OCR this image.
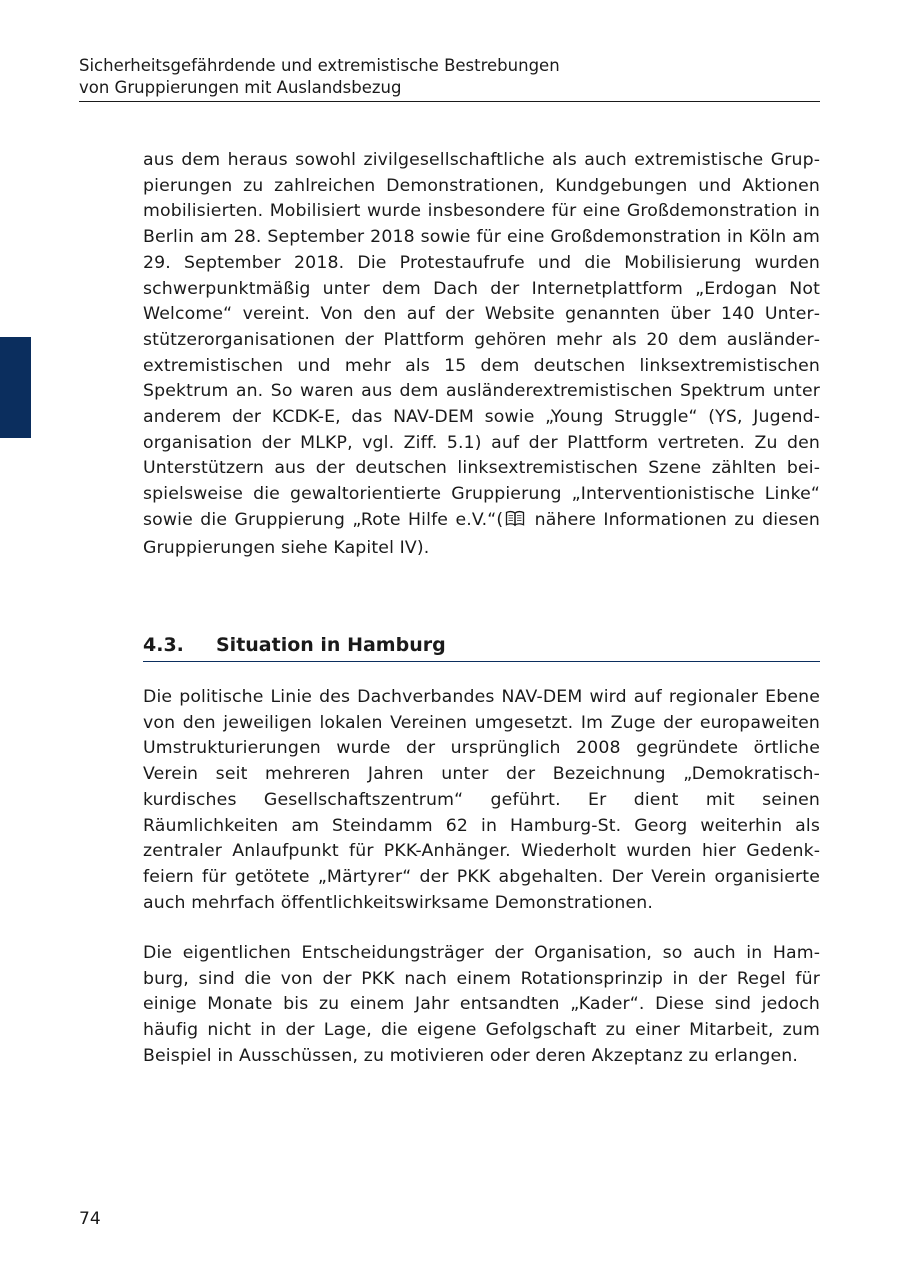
Sicherheitsgefährdende und extremistische Bestrebungen
von Gruppierungen mit Auslandsbezug
aus dem heraus sowohl zivilgesellschaftliche als auch extremistische Gruppierungen zu zahlreichen Demonstrationen, Kundgebungen und Aktionen mobilisierten. Mobilisiert wurde insbesondere für eine Großdemonstration in Berlin am 28. September 2018 sowie für eine Großdemonstration in Köln am 29. September 2018. Die Protestaufrufe und die Mobilisierung wurden schwerpunktmäßig unter dem Dach der Internetplattform „Erdogan Not Welcome“ vereint. Von den auf der Website genannten über 140 Unterstützerorganisationen der Plattform gehören mehr als 20 dem ausländerextremistischen und mehr als 15 dem deutschen linksextremistischen Spektrum an. So waren aus dem ausländerextremistischen Spektrum unter anderem der KCDK-E, das NAV-DEM sowie „Young Struggle“ (YS, Jugendorganisation der MLKP, vgl. Ziff. 5.1) auf der Plattform vertreten. Zu den Unterstützern aus der deutschen linksextremistischen Szene zählten beispielsweise die gewaltorientierte Gruppierung „Interventionistische Linke“ sowie die Gruppierung „Rote Hilfe e.V.“( nähere Informationen zu diesen Gruppierungen siehe Kapitel IV).
4.3. Situation in Hamburg
Die politische Linie des Dachverbandes NAV-DEM wird auf regionaler Ebene von den jeweiligen lokalen Vereinen umgesetzt. Im Zuge der europaweiten Umstrukturierungen wurde der ursprünglich 2008 gegründete örtliche Verein seit mehreren Jahren unter der Bezeichnung „Demokratisch-kurdisches Gesellschaftszentrum“ geführt. Er dient mit seinen Räumlichkeiten am Steindamm 62 in Hamburg-St. Georg weiterhin als zentraler Anlaufpunkt für PKK-Anhänger. Wiederholt wurden hier Gedenkfeiern für getötete „Märtyrer“ der PKK abgehalten. Der Verein organisierte auch mehrfach öffentlichkeitswirksame Demonstrationen.
Die eigentlichen Entscheidungsträger der Organisation, so auch in Hamburg, sind die von der PKK nach einem Rotationsprinzip in der Regel für einige Monate bis zu einem Jahr entsandten „Kader“. Diese sind jedoch häufig nicht in der Lage, die eigene Gefolgschaft zu einer Mitarbeit, zum Beispiel in Ausschüssen, zu motivieren oder deren Akzeptanz zu erlangen.
74
